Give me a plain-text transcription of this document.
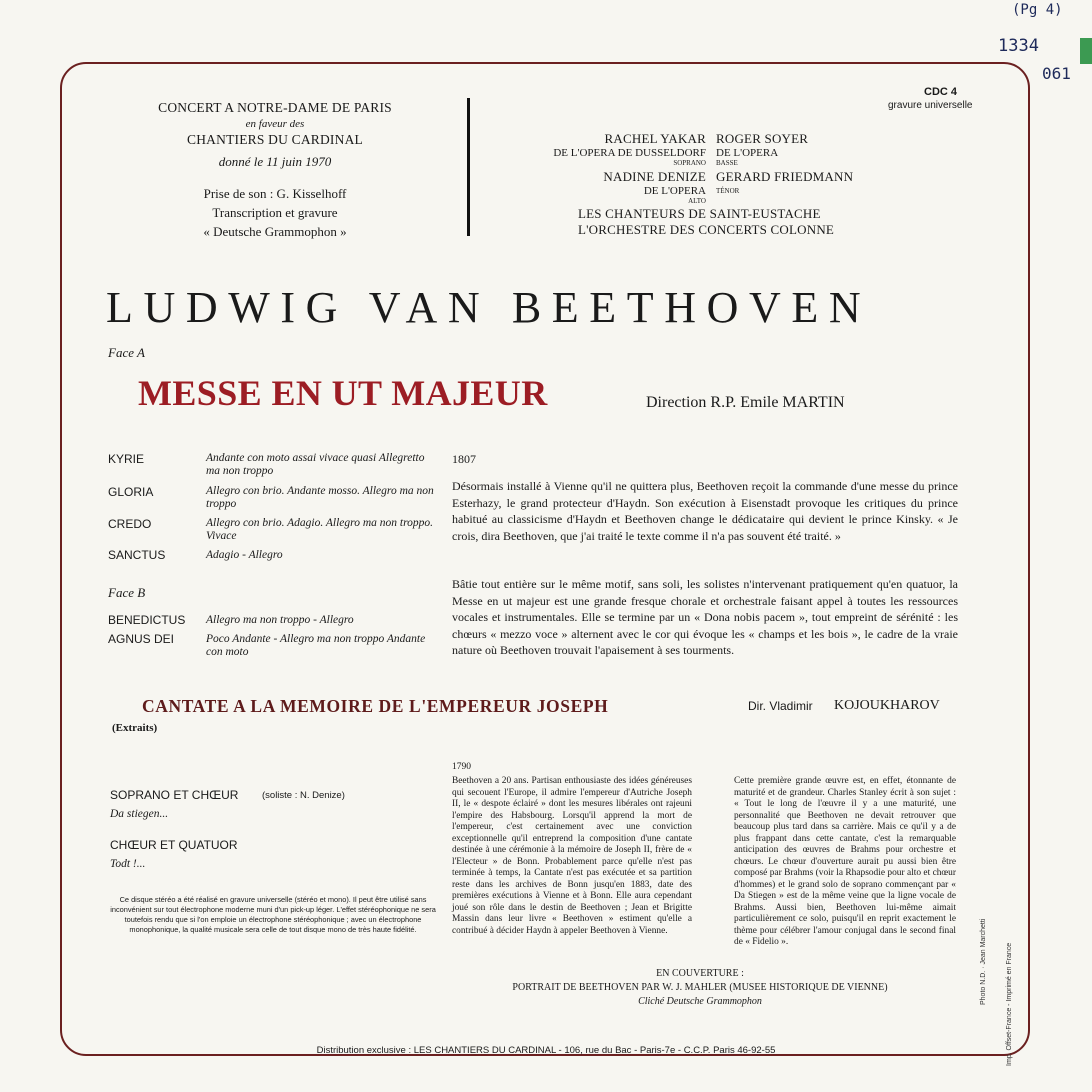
(Pg 4)
1334
061
CONCERT A NOTRE-DAME DE PARIS
en faveur des
CHANTIERS DU CARDINAL
donné le 11 juin 1970
Prise de son : G. Kisselhoff
Transcription et gravure
« Deutsche Grammophon »
CDC 4
gravure universelle
RACHEL YAKAR
DE L'OPERA DE DUSSELDORF
SOPRANO
ROGER SOYER
DE L'OPERA
BASSE
NADINE DENIZE
DE L'OPERA
ALTO
GERARD FRIEDMANN
TÉNOR
LES CHANTEURS DE SAINT-EUSTACHE
L'ORCHESTRE DES CONCERTS COLONNE
LUDWIG VAN BEETHOVEN
Face A
MESSE EN UT MAJEUR	Direction R.P. Emile MARTIN
KYRIE	Andante con moto assai vivace quasi Allegretto ma non troppo
GLORIA	Allegro con brio. Andante mosso. Allegro ma non troppo
CREDO	Allegro con brio. Adagio. Allegro ma non troppo. Vivace
SANCTUS	Adagio - Allegro
Face B
BENEDICTUS Allegro ma non troppo - Allegro
AGNUS DEI	Poco Andante - Allegro ma non troppo Andante con moto
1807
Désormais installé à Vienne qu'il ne quittera plus, Beethoven reçoit la commande d'une messe du prince Esterhazy, le grand protecteur d'Haydn. Son exécution à Eisenstadt provoque les critiques du prince habitué au classicisme d'Haydn et Beethoven change le dédicataire qui devient le prince Kinsky. « Je crois, dira Beethoven, que j'ai traité le texte comme il n'a pas souvent été traité. »
Bâtie tout entière sur le même motif, sans soli, les solistes n'intervenant pratiquement qu'en quatuor, la Messe en ut majeur est une grande fresque chorale et orchestrale faisant appel à toutes les ressources vocales et instrumentales. Elle se termine par un « Dona nobis pacem », tout empreint de sérénité : les chœurs « mezzo voce » alternent avec le cor qui évoque les « champs et les bois », le cadre de la vraie nature où Beethoven trouvait l'apaisement à ses tourments.
CANTATE A LA MEMOIRE DE L'EMPEREUR JOSEPH	Dir. Vladimir KOJOUKHAROV
(Extraits)
SOPRANO ET CHŒUR (soliste : N. Denize)
Da stiegen...
CHŒUR ET QUATUOR
Todt !...
Ce disque stéréo a été réalisé en gravure universelle (stéréo et mono). Il peut être utilisé sans inconvénient sur tout électrophone moderne muni d'un pick-up léger. L'effet stéréophonique ne sera toutefois rendu que si l'on emploie un électrophone stéréophonique ; avec un électrophone monophonique, la qualité musicale sera celle de tout disque mono de très haute fidélité.
1790
Beethoven a 20 ans. Partisan enthousiaste des idées généreuses qui secouent l'Europe, il admire l'empereur d'Autriche Joseph II, le « despote éclairé » dont les mesures libérales ont rajeuni l'empire des Habsbourg. Lorsqu'il apprend la mort de l'empereur, c'est certainement avec une conviction exceptionnelle qu'il entreprend la composition d'une cantate destinée à une cérémonie à la mémoire de Joseph II, frère de « l'Electeur » de Bonn. Probablement parce qu'elle n'est pas terminée à temps, la Cantate n'est pas exécutée et sa partition reste dans les archives de Bonn jusqu'en 1883, date des premières exécutions à Vienne et à Bonn. Elle aura cependant joué son rôle dans le destin de Beethoven ; Jean et Brigitte Massin dans leur livre « Beethoven » estiment qu'elle a contribué à décider Haydn à appeler Beethoven à Vienne.
Cette première grande œuvre est, en effet, étonnante de maturité et de grandeur. Charles Stanley écrit à son sujet : « Tout le long de l'œuvre il y a une maturité, une personnalité que Beethoven ne devait retrouver que beaucoup plus tard dans sa carrière. Mais ce qu'il y a de plus frappant dans cette cantate, c'est la remarquable anticipation des œuvres de Brahms pour orchestre et chœurs. Le chœur d'ouverture aurait pu aussi bien être composé par Brahms (voir la Rhapsodie pour alto et chœur d'hommes) et le grand solo de soprano commençant par « Da Stiegen » est de la même veine que la ligne vocale de Brahms. Aussi bien, Beethoven lui-même aimait particulièrement ce solo, puisqu'il en reprit exactement le thème pour célébrer l'amour conjugal dans le second final de « Fidelio ».
EN COUVERTURE :
PORTRAIT DE BEETHOVEN PAR W. J. MAHLER (MUSEE HISTORIQUE DE VIENNE)
Cliché Deutsche Grammophon	Photo N.D. · Jean Marchetti	Imp. Offset-France - Imprimé en France
Distribution exclusive : LES CHANTIERS DU CARDINAL - 106, rue du Bac - Paris-7e - C.C.P. Paris 46-92-55
